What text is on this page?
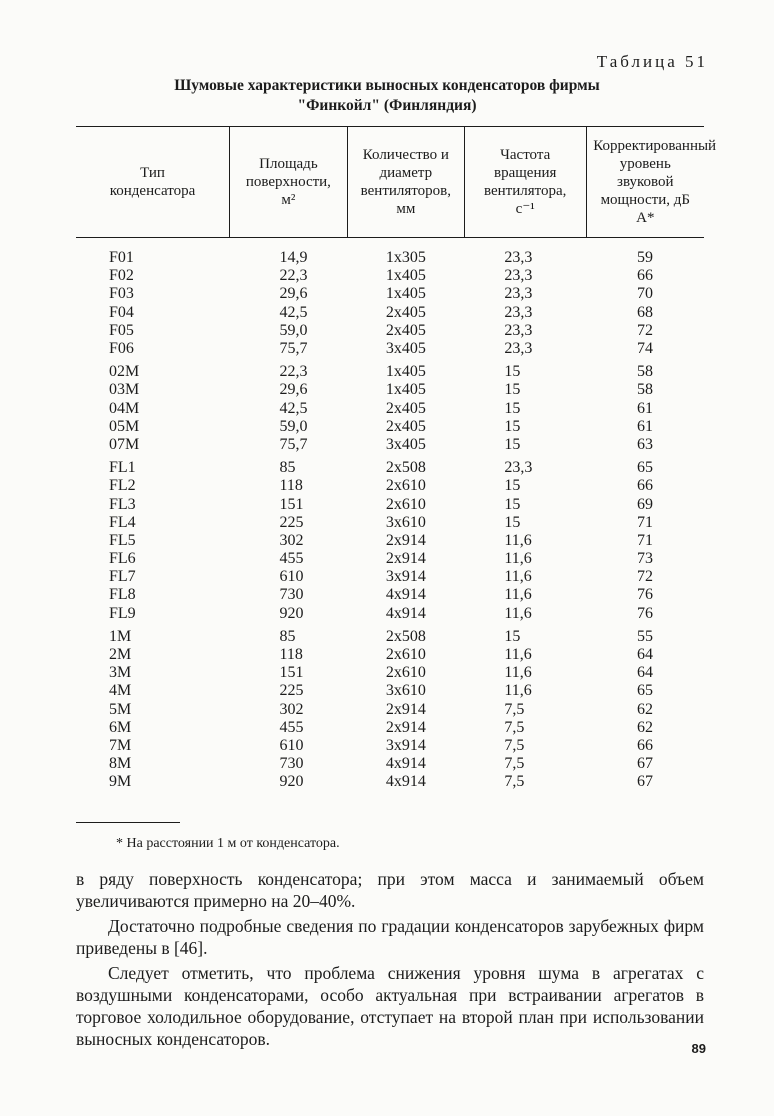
Таблица 51
Шумовые характеристики выносных конденсаторов фирмы
"Финкойл" (Финляндия)
Тип конденсатора	Площадь поверхности, м²	Количество и диаметр вентиляторов, мм	Частота вращения вентилятора, с⁻¹	Корректированный уровень звуковой мощности, дБ А*

F01	14,9	1x305	23,3	59
F02	22,3	1x405	23,3	66
F03	29,6	1x405	23,3	70
F04	42,5	2x405	23,3	68
F05	59,0	2x405	23,3	72
F06	75,7	3x405	23,3	74
02M	22,3	1x405	15	58
03M	29,6	1x405	15	58
04M	42,5	2x405	15	61
05M	59,0	2x405	15	61
07M	75,7	3x405	15	63
FL1	85	2x508	23,3	65
FL2	118	2x610	15	66
FL3	151	2x610	15	69
FL4	225	3x610	15	71
FL5	302	2x914	11,6	71
FL6	455	2x914	11,6	73
FL7	610	3x914	11,6	72
FL8	730	4x914	11,6	76
FL9	920	4x914	11,6	76
1M	85	2x508	15	55
2M	118	2x610	11,6	64
3M	151	2x610	11,6	64
4M	225	3x610	11,6	65
5M	302	2x914	7,5	62
6M	455	2x914	7,5	62
7M	610	3x914	7,5	66
8M	730	4x914	7,5	67
9M	920	4x914	7,5	67
* На расстоянии 1 м от конденсатора.

в ряду поверхность конденсатора; при этом масса и занимаемый объем увеличиваются примерно на 20–40%.

Достаточно подробные сведения по градации конденсаторов зарубежных фирм приведены в [46].

Следует отметить, что проблема снижения уровня шума в агрегатах с воздушными конденсаторами, особо актуальная при встраивании агрегатов в торговое холодильное оборудование, отступает на второй план при использовании выносных конденсаторов.	89
